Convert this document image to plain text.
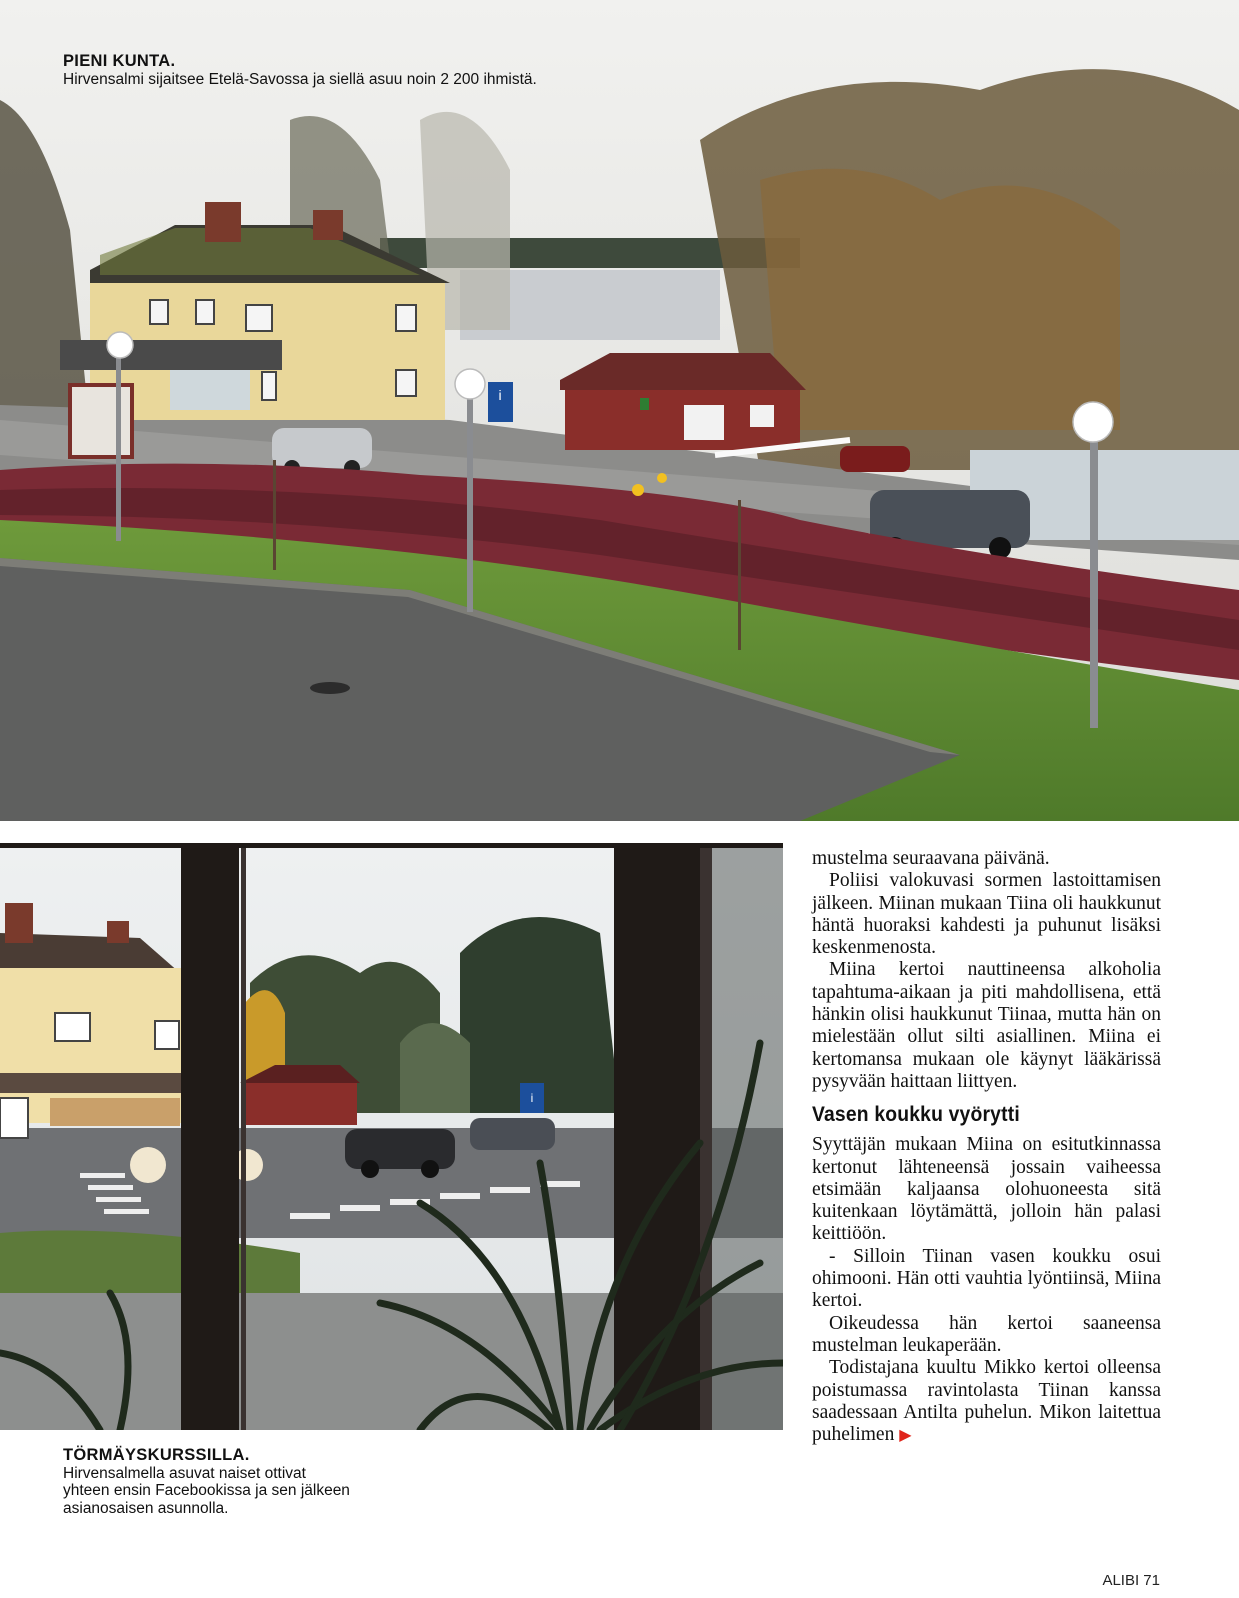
i
PIENI KUNTA.
Hirvensalmi sijaitsee Etelä-Savossa ja siellä asuu noin 2 200 ihmistä.
i
TÖRMÄYSKURSSILLA.
Hirvensalmella asuvat naiset ottivat yhteen ensin Facebookissa ja sen jälkeen asianosaisen asunnolla.

mustelma seuraavana päivänä.

Poliisi valokuvasi sormen lastoittamisen jälkeen. Miinan mukaan Tiina oli haukkunut häntä huoraksi kahdesti ja puhunut lisäksi keskenmenosta.

Miina kertoi nauttineensa alkoholia tapahtuma-aikaan ja piti mahdollisena, että hänkin olisi haukkunut Tiinaa, mutta hän on mielestään ollut silti asiallinen. Miina ei kertomansa mukaan ole käynyt lääkärissä pysyvään haittaan liittyen.

Vasen koukku vyörytti

Syyttäjän mukaan Miina on esitutkinnassa kertonut lähteneensä jossain vaiheessa etsimään kaljaansa olohuoneesta sitä kuitenkaan löytämättä, jolloin hän palasi keittiöön.

- Silloin Tiinan vasen koukku osui ohimooni. Hän otti vauhtia lyöntiinsä, Miina kertoi.

Oikeudessa hän kertoi saaneensa mustelman leukaperään.

Todistajana kuultu Mikko kertoi olleensa poistumassa ravintolasta Tiinan kanssa saadessaan Antilta puhelun. Mikon laitettua puhelimen ▶

ALIBI 71
